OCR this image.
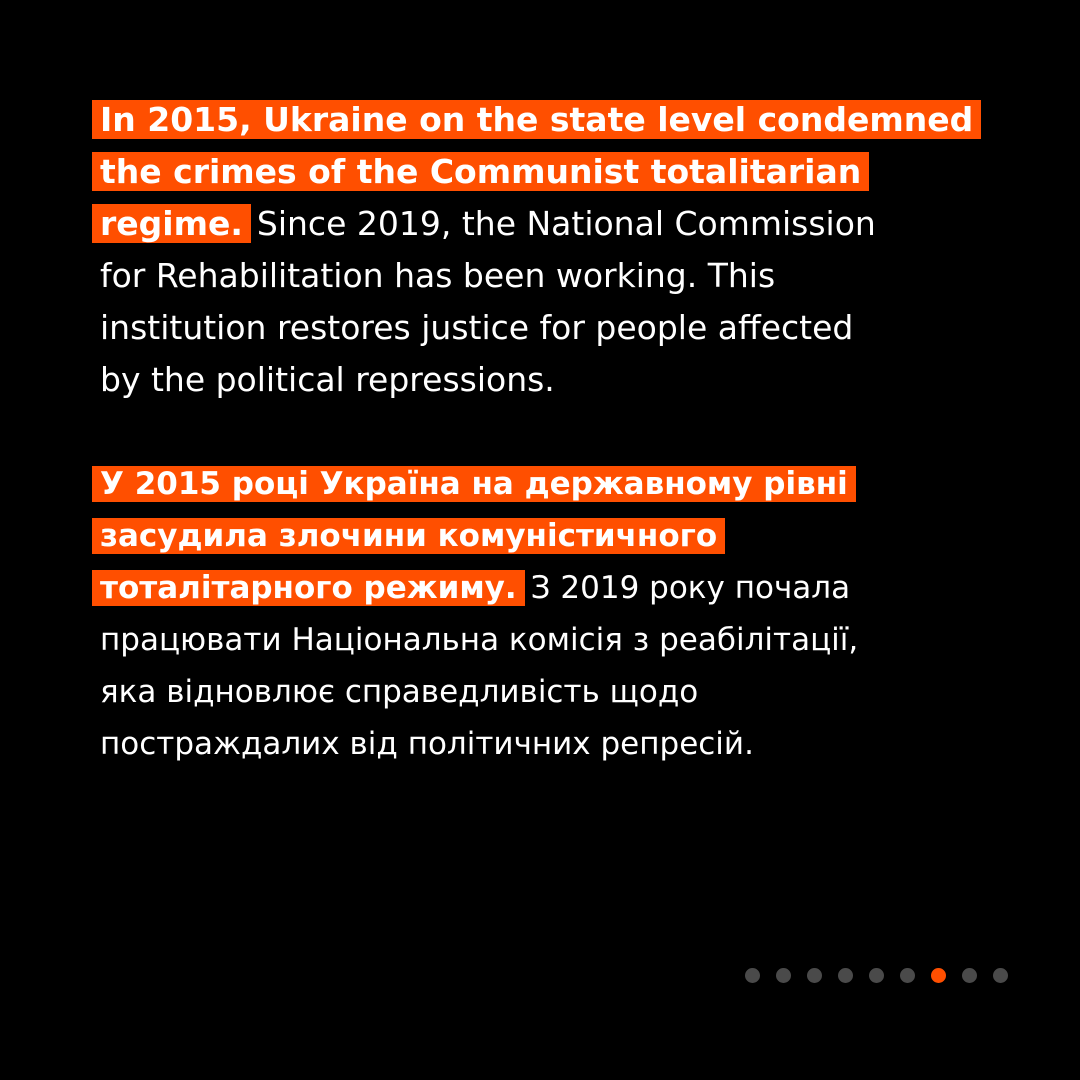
In 2015, Ukraine on the state level condemned
the crimes of the Communist totalitarian
regime. Since 2019, the National Commission
for Rehabilitation has been working. This
institution restores justice for people affected
by the political repressions.
У 2015 році Україна на державному рівні
засудила злочини комуністичного
тоталітарного режиму. З 2019 року почала
працювати Національна комісія з реабілітації,
яка відновлює справедливість щодо
постраждалих від політичних репресій.
